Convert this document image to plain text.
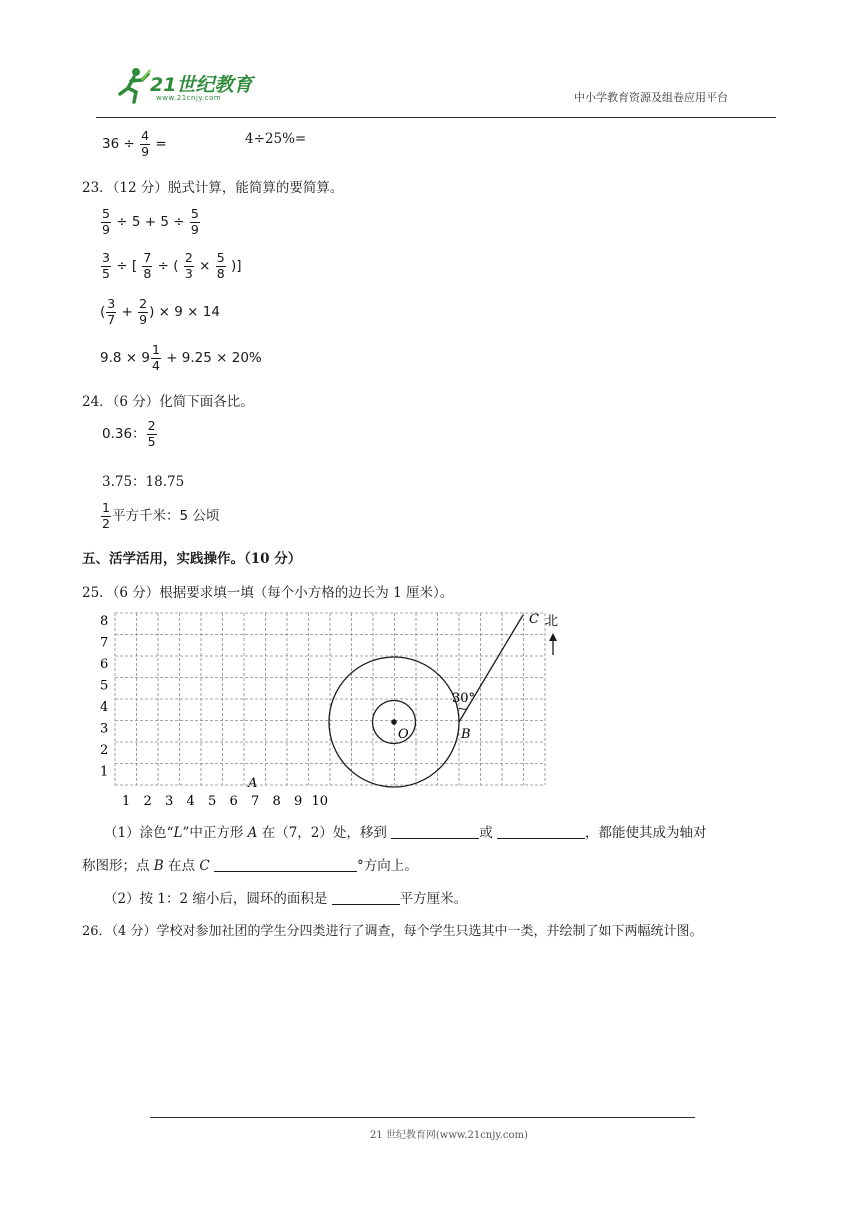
21世纪教育
www.21cnjy.com	中小学教育资源及组卷应用平台
$36 \div \frac{4}{9}$ =	4÷25%=
23．（12 分）脱式计算，能简算的要简算。
$\frac{5}{9} \div 5 + 5 \div \frac{5}{9}$
$\frac{3}{5}$ ÷ [ $\frac{7}{8}$ ÷ ( $\frac{2}{3} \times \frac{5}{8}$ )]
( $\frac{3}{7} + \frac{2}{9}$ ) × 9 × 14
$9.8 \times 9 \frac{1}{4} + 9.25 \times 20\%$
24．（6 分）化简下面各比。
0.36： $\frac{2}{5}$
3.75：18.75
$\frac{1}{2}$ 平方千米：5 公顷
五、活学活用，实践操作。（10 分）
25．（6 分）根据要求填一填（每个小方格的边长为 1 厘米）。
8
7
6
5
4
3
2
1
1 2 3 4 5 6 7 8 9 10
A
O	B
C
30°
北
（1）涂色“L”中正方形 A 在（7，2）处，移到	或	，都能使其成为轴对
称图形；点 B 在点 C	°方向上。
（2）按 1：2 缩小后，圆环的面积是	平方厘米。
26．（4 分）学校对参加社团的学生分四类进行了调查，每个学生只选其中一类，并绘制了如下两幅统计图。
21 世纪教育网(www.21cnjy.com)
